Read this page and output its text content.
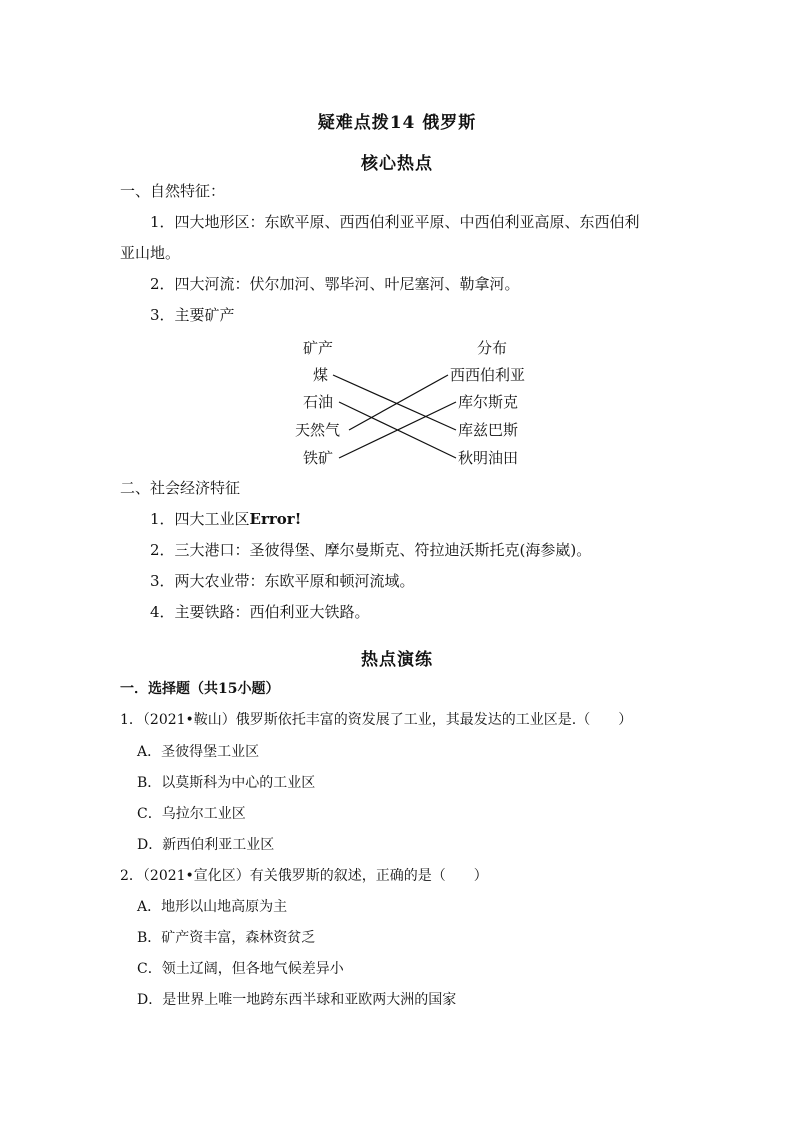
疑难点拨14 俄罗斯
核心热点
一、自然特征：
1．四大地形区：东欧平原、西西伯利亚平原、中西伯利亚高原、东西伯利
亚山地。
2．四大河流：伏尔加河、鄂毕河、叶尼塞河、勒拿河。
3．主要矿产
矿产	分布
煤
石油
天然气
铁矿
西西伯利亚
库尔斯克
库兹巴斯
秋明油田
二、社会经济特征
1．四大工业区Error!
2．三大港口：圣彼得堡、摩尔曼斯克、符拉迪沃斯托克(海参崴)。
3．两大农业带：东欧平原和顿河流域。
4．主要铁路：西伯利亚大铁路。
热点演练
一．选择题（共15小题）
1．（2021•鞍山）俄罗斯依托丰富的资发展了工业，其最发达的工业区是.（　　）
A．圣彼得堡工业区
B．以莫斯科为中心的工业区
C．乌拉尔工业区
D．新西伯利亚工业区
2．（2021•宣化区）有关俄罗斯的叙述，正确的是（　　）
A．地形以山地高原为主
B．矿产资丰富，森林资贫乏
C．领土辽阔，但各地气候差异小
D．是世界上唯一地跨东西半球和亚欧两大洲的国家
